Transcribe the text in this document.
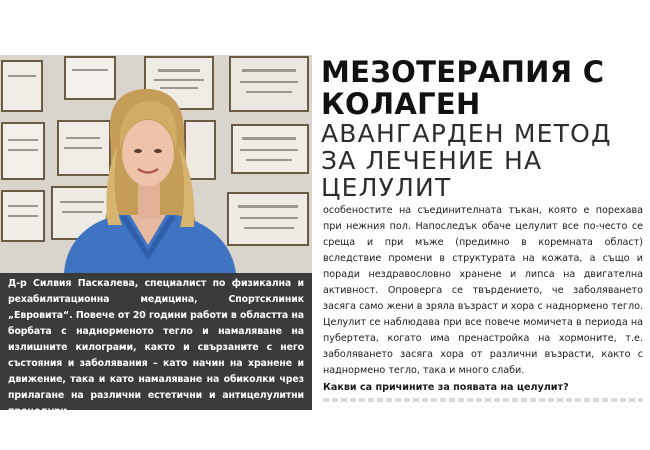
Д-р Силвия Паскалева, специалист по физикална и рехабилитационна медицина, Спортсклиник „Евровита“. Повече от 20 години работи в областта на борбата с наднорменото тегло и намаляване на излишните килограми, както и свързаните с него състояния и заболявания – като начин на хранене и движение, така и като намаляване на обиколки чрез прилагане на различни естетични и антицелулитни процедури.

МЕЗОТЕРАПИЯ С КОЛАГЕН
АВАНГАРДЕН МЕТОД ЗА ЛЕЧЕНИЕ НА ЦЕЛУЛИТ

особеностите на съединителната тъкан, която е порехава при нежния пол. Напоследък обаче целулит все по-често се среща и при мъже (предимно в коремната област) вследствие промени в структурата на кожата, а също и поради нездравословно хранене и липса на двигателна активност. Опровергa се твърдението, че заболяването засяга само жени в зряла възраст и хора с наднормено тегло. Целулит се наблюдава при все повече момичета в периода на пубертета, когато има пренастройка на хормоните, т.е. заболяването засяга хора от различни възрасти, както с наднормено тегло, така и много слаби.

Какви са причините за появата на целулит?
